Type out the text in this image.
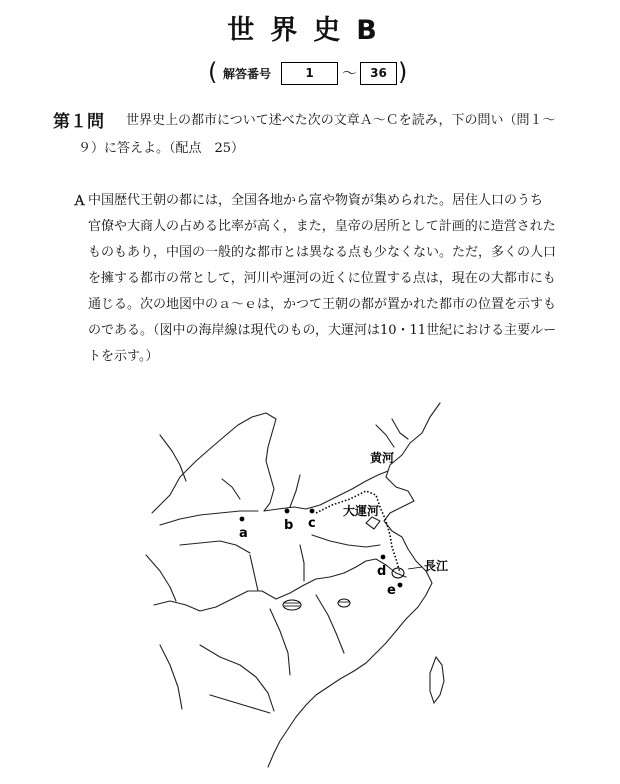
世界史B
( 解答番号	1	〜	36 )
第１問 世界史上の都市について述べた次の文章Ａ〜Ｃを読み，下の問い（問１〜
９）に答えよ。（配点　25）
Ａ 中国歴代王朝の都には，全国各地から富や物資が集められた。居住人口のうち
官僚や大商人の占める比率が高く，また，皇帝の居所として計画的に造営された
ものもあり，中国の一般的な都市とは異なる点も少なくない。ただ，多くの人口
を擁する都市の常として，河川や運河の近くに位置する点は，現在の大都市にも
通じる。次の地図中のａ〜ｅは，かつて王朝の都が置かれた都市の位置を示すも
のである。（図中の海岸線は現代のもの，大運河は10・11世紀における主要ルー
トを示す。）
a
b c
d
e
黄河
大運河
長江
